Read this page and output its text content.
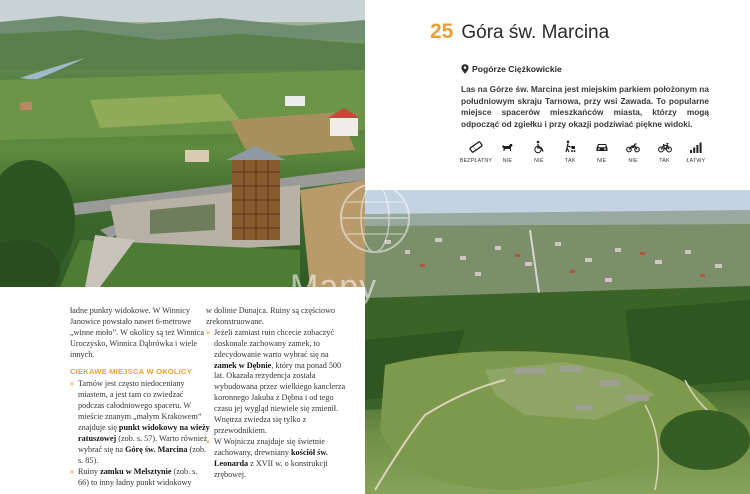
ładne punkty widokowe. W Winnicy Janowice powstało nawet 6-metrowe „winne moło”. W okolicy są też Winnica Uroczysko, Winnica Dąbrówka i wiele innych.

CIEKAWE MIEJSCA W OKOLICY

» Tarnów jest często niedoceniany miastem, a jest tam co zwiedzać podczas całodniowego spaceru. W mieście znanym „małym Krakowem” znajduje się punkt widokowy na wieży ratuszowej (zob. s. 57). Warto również wybrać się na Górę św. Marcina (zob. s. 85).

» Ruiny zamku w Melsztynie (zob. s. 66) to inny ładny punkt widokowy

w dolinie Dunajca. Ruiny są częściowo zrekonstruowane.

» Jeżeli zamiast ruin chcecie zobaczyć doskonale zachowany zamek, to zdecydowanie warto wybrać się na zamek w Dębnie, który ma ponad 500 lat. Okazała rezydencja została wybudowana przez wielkiego kanclerza koronnego Jakuba z Dębna i od tego czasu jej wygląd niewiele się zmienił. Wnętrza zwiedza się tylko z przewodnikiem.

» W Wojniczu znajduje się świetnie zachowany, drewniany kościół św. Leonarda z XVII w. o konstrukcji zrębowej.

25 Góra św. Marcina
Pogórze Ciężkowickie

Las na Górze św. Marcina jest miejskim parkiem położonym na południowym skraju Tarnowa, przy wsi Zawada. To popularne miejsce spacerów mieszkańców miasta, którzy mogą odpocząć od zgiełku i przy okazji podziwiać piękne widoki.

BEZPŁATNY NIE	NIE	TAK	NIE	NIE	TAK	ŁATWY
Mapy
